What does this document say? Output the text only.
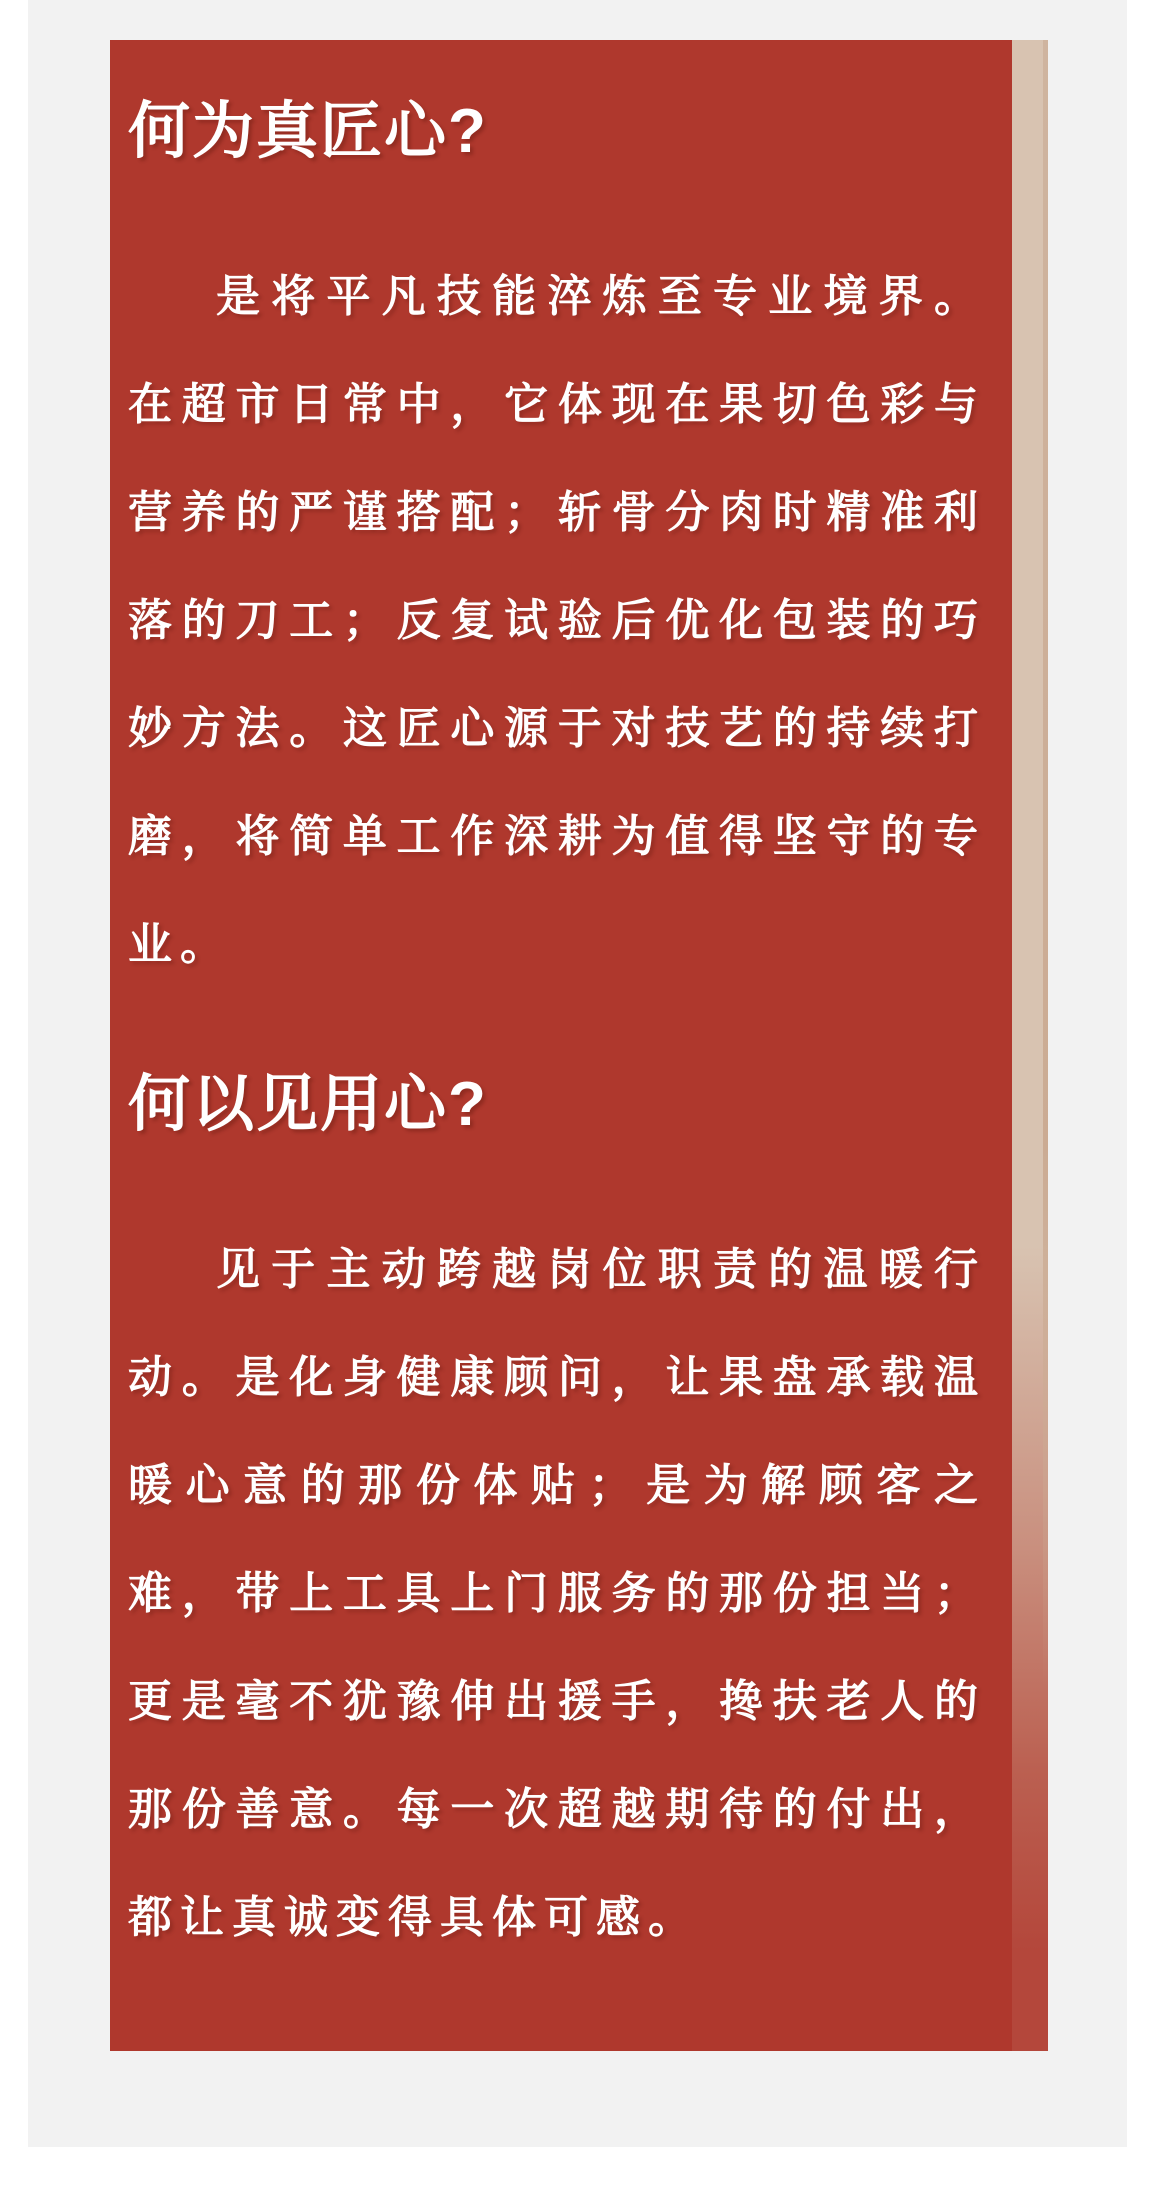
何为真匠心?

是将平凡技能淬炼至专业境界。在超市日常中，它体现在果切色彩与营养的严谨搭配；斩骨分肉时精准利落的刀工；反复试验后优化包装的巧妙方法。这匠心源于对技艺的持续打磨，将简单工作深耕为值得坚守的专业。

何以见用心?

见于主动跨越岗位职责的温暖行动。是化身健康顾问，让果盘承载温暖心意的那份体贴；是为解顾客之难，带上工具上门服务的那份担当；更是毫不犹豫伸出援手，搀扶老人的那份善意。每一次超越期待的付出，都让真诚变得具体可感。
